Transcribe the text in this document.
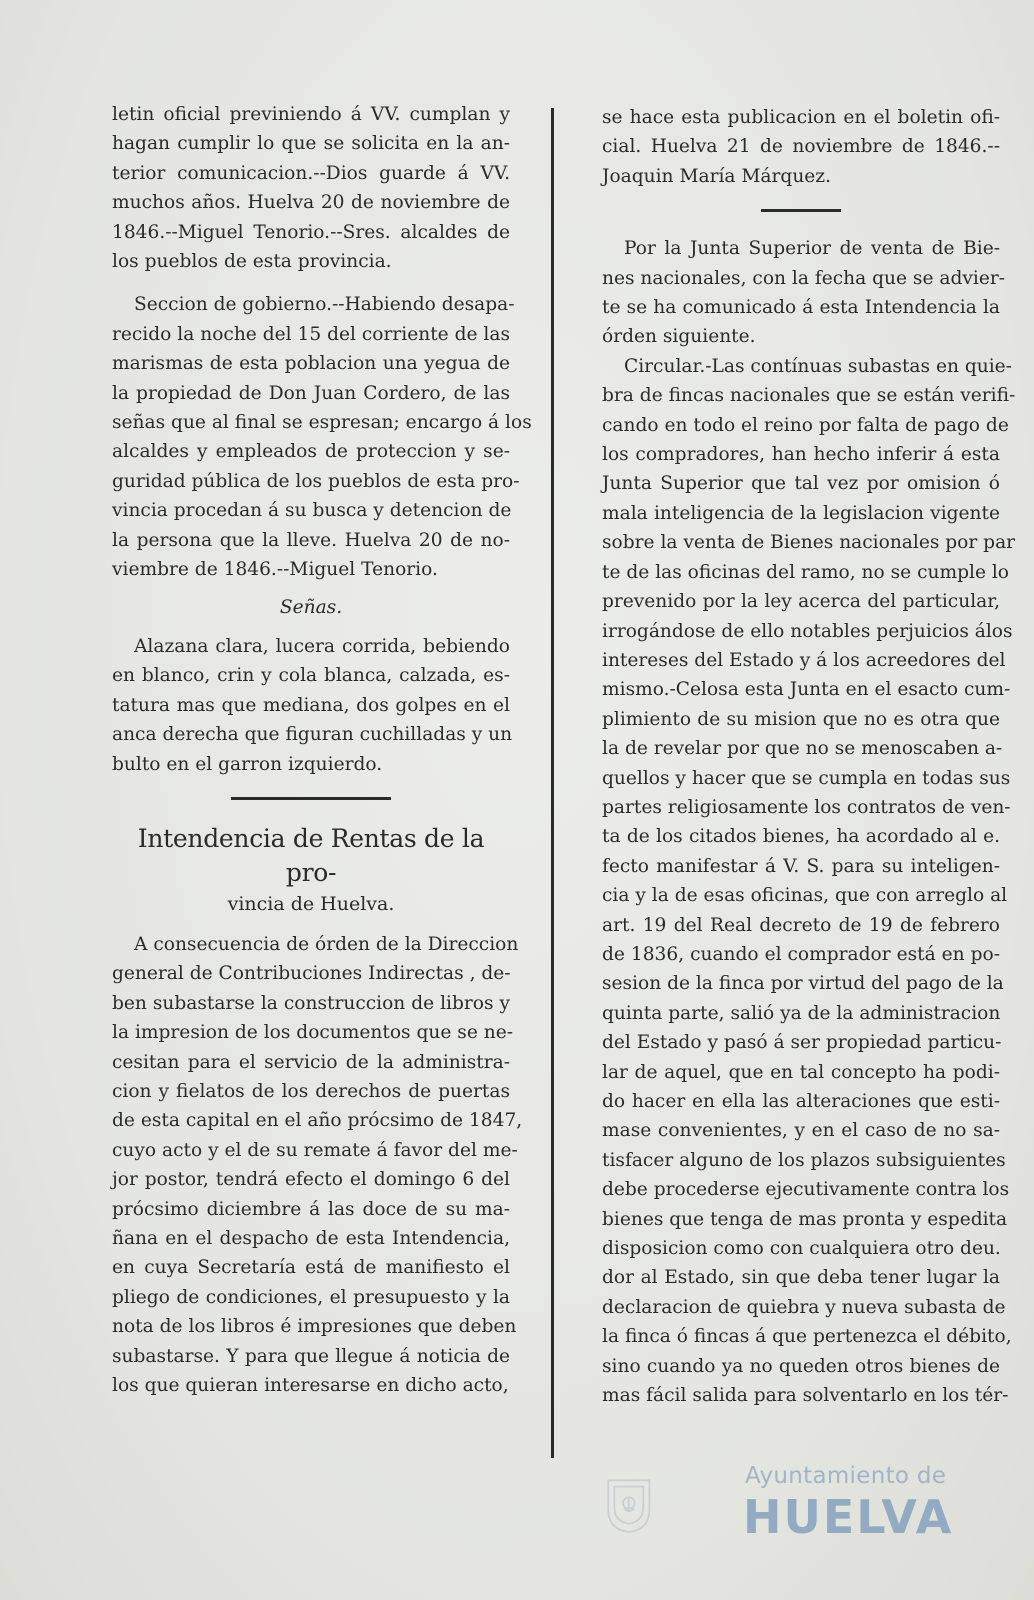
letin oficial previniendo á VV. cumplan y
hagan cumplir lo que se solicita en la an-
terior comunicacion.--Dios guarde á VV.
muchos años. Huelva 20 de noviembre de
1846.--Miguel Tenorio.--Sres. alcaldes de
los pueblos de esta provincia.
Seccion de gobierno.--Habiendo desapa-
recido la noche del 15 del corriente de las
marismas de esta poblacion una yegua de
la propiedad de Don Juan Cordero, de las
señas que al final se espresan; encargo á los
alcaldes y empleados de proteccion y se-
guridad pública de los pueblos de esta pro-
vincia procedan á su busca y detencion de
la persona que la lleve. Huelva 20 de no-
viembre de 1846.--Miguel Tenorio.
Señas.
Alazana clara, lucera corrida, bebiendo
en blanco, crin y cola blanca, calzada, es-
tatura mas que mediana, dos golpes en el
anca derecha que figuran cuchilladas y un
bulto en el garron izquierdo.
Intendencia de Rentas de la pro-
vincia de Huelva.
A consecuencia de órden de la Direccion
general de Contribuciones Indirectas , de-
ben subastarse la construccion de libros y
la impresion de los documentos que se ne-
cesitan para el servicio de la administra-
cion y fielatos de los derechos de puertas
de esta capital en el año prócsimo de 1847,
cuyo acto y el de su remate á favor del me-
jor postor, tendrá efecto el domingo 6 del
prócsimo diciembre á las doce de su ma-
ñana en el despacho de esta Intendencia,
en cuya Secretaría está de manifiesto el
pliego de condiciones, el presupuesto y la
nota de los libros é impresiones que deben
subastarse. Y para que llegue á noticia de
los que quieran interesarse en dicho acto,
se hace esta publicacion en el boletin ofi-
cial. Huelva 21 de noviembre de 1846.--
Joaquin María Márquez.
Por la Junta Superior de venta de Bie-
nes nacionales, con la fecha que se advier-
te se ha comunicado á esta Intendencia la
órden siguiente.
Circular.-Las contínuas subastas en quie-
bra de fincas nacionales que se están verifi-
cando en todo el reino por falta de pago de
los compradores, han hecho inferir á esta
Junta Superior que tal vez por omision ó
mala inteligencia de la legislacion vigente
sobre la venta de Bienes nacionales por par
te de las oficinas del ramo, no se cumple lo
prevenido por la ley acerca del particular,
irrogándose de ello notables perjuicios álos
intereses del Estado y á los acreedores del
mismo.-Celosa esta Junta en el esacto cum-
plimiento de su mision que no es otra que
la de revelar por que no se menoscaben a-
quellos y hacer que se cumpla en todas sus
partes religiosamente los contratos de ven-
ta de los citados bienes, ha acordado al e.
fecto manifestar á V. S. para su inteligen-
cia y la de esas oficinas, que con arreglo al
art. 19 del Real decreto de 19 de febrero
de 1836, cuando el comprador está en po-
sesion de la finca por virtud del pago de la
quinta parte, salió ya de la administracion
del Estado y pasó á ser propiedad particu-
lar de aquel, que en tal concepto ha podi-
do hacer en ella las alteraciones que esti-
mase convenientes, y en el caso de no sa-
tisfacer alguno de los plazos subsiguientes
debe procederse ejecutivamente contra los
bienes que tenga de mas pronta y espedita
disposicion como con cualquiera otro deu.
dor al Estado, sin que deba tener lugar la
declaracion de quiebra y nueva subasta de
la finca ó fincas á que pertenezca el débito,
sino cuando ya no queden otros bienes de
mas fácil salida para solventarlo en los tér-
Ayuntamiento de
HUELVA
